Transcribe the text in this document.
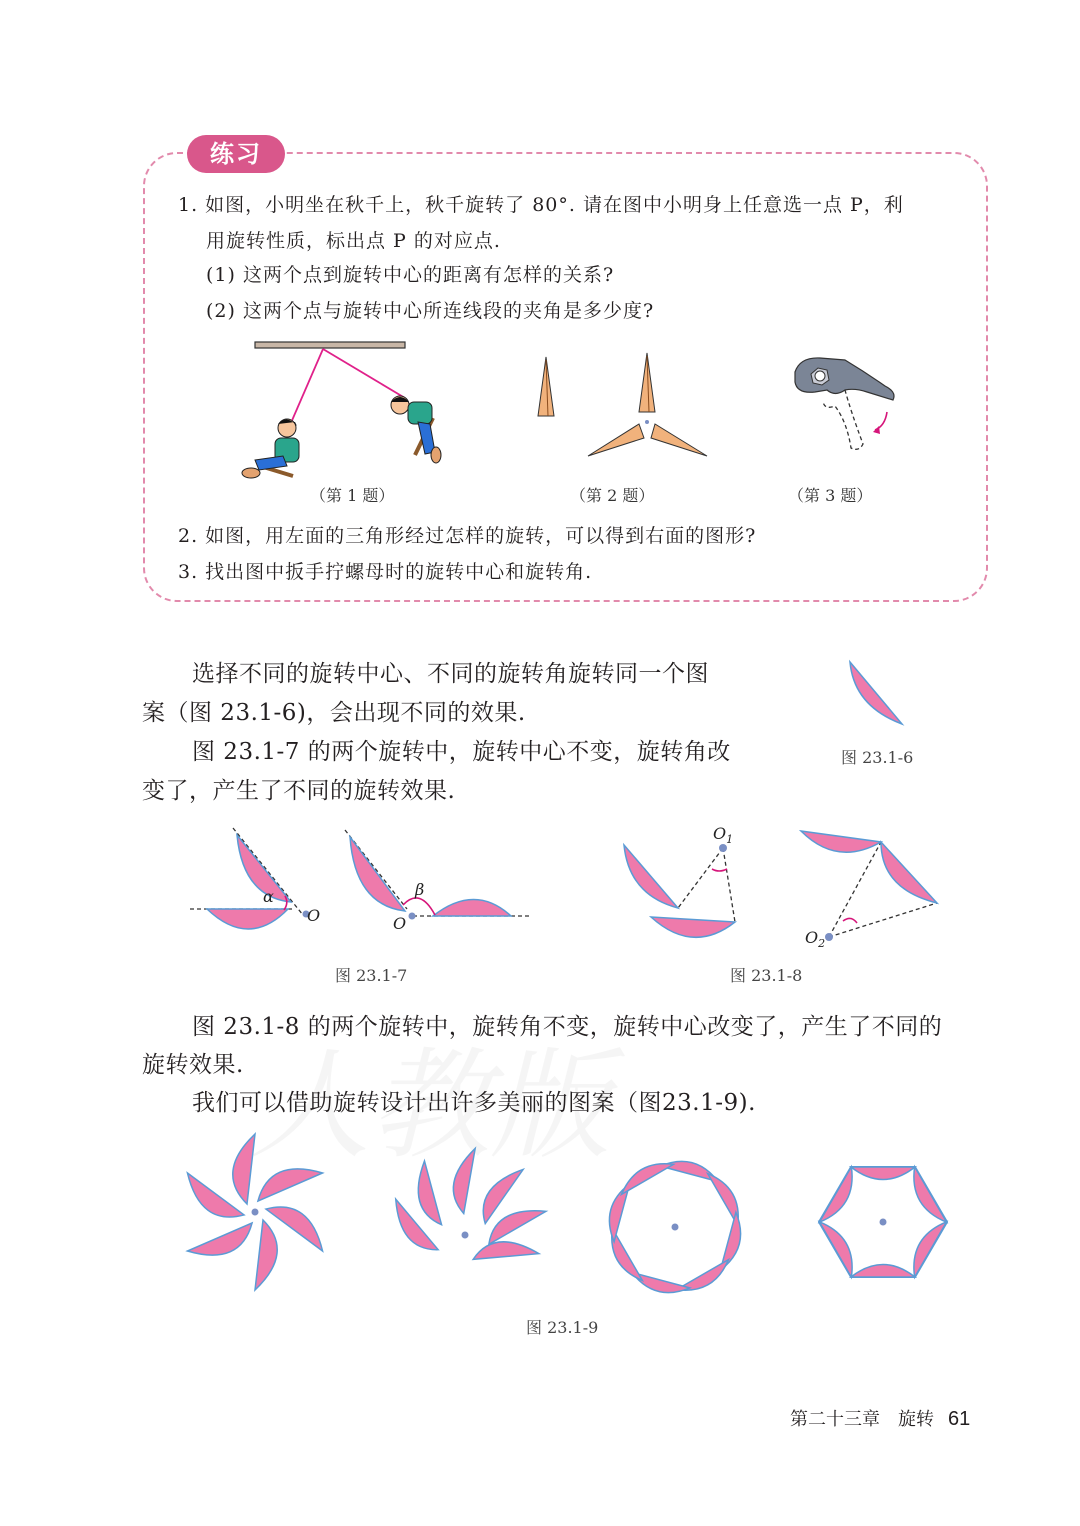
练习
1. 如图，小明坐在秋千上，秋千旋转了 80°. 请在图中小明身上任意选一点 P，利
用旋转性质，标出点 P 的对应点.
(1) 这两个点到旋转中心的距离有怎样的关系?
(2) 这两个点与旋转中心所连线段的夹角是多少度?
（第 1 题）	（第 2 题）	（第 3 题）
2. 如图，用左面的三角形经过怎样的旋转，可以得到右面的图形?
3. 找出图中扳手拧螺母时的旋转中心和旋转角.
选择不同的旋转中心、不同的旋转角旋转同一个图
案（图 23.1-6)，会出现不同的效果.
图 23.1-7 的两个旋转中，旋转中心不变，旋转角改
变了，产生了不同的旋转效果.
图 23.1-6
α
O
β
O
图 23.1-7
$O_1$
$O_2$
图 23.1-8
图 23.1-8 的两个旋转中，旋转角不变，旋转中心改变了，产生了不同的
旋转效果.
我们可以借助旋转设计出许多美丽的图案（图23.1-9).
图 23.1-9
第二十三章　旋转 61
